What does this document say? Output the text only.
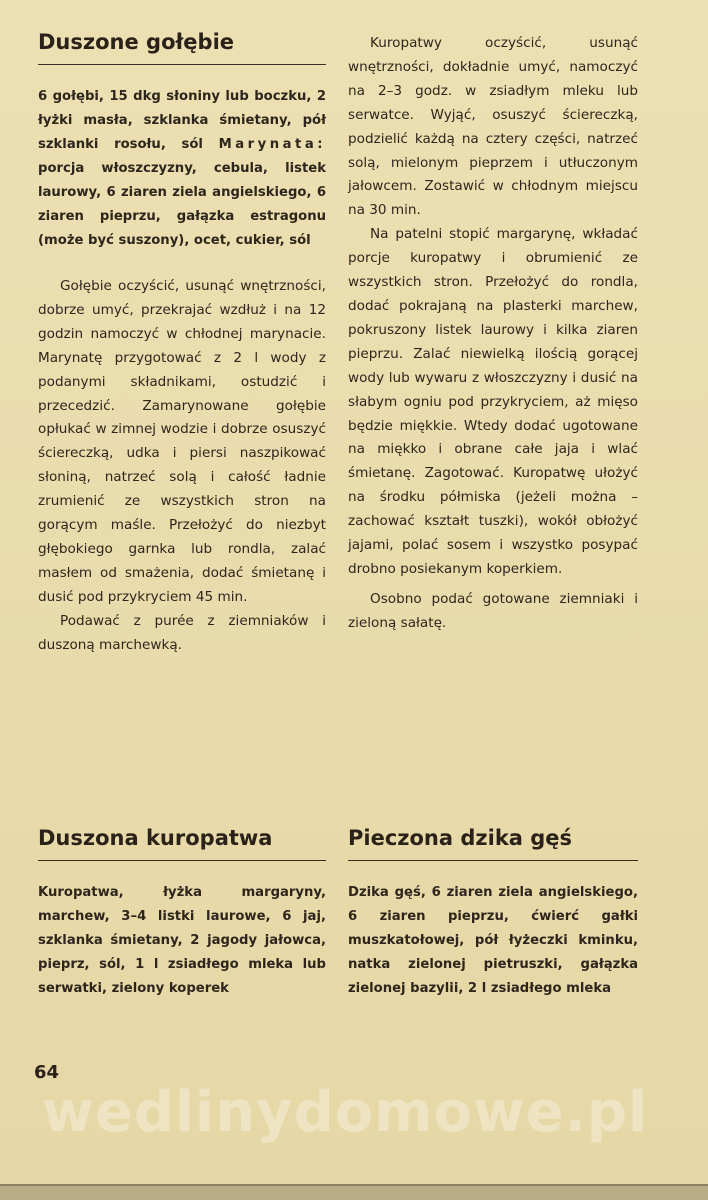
Duszone gołębie

6 gołębi, 15 dkg słoniny lub boczku, 2 łyżki masła, szklanka śmietany, pół szklanki rosołu, sól Marynata: porcja włoszczyzny, cebula, listek laurowy, 6 ziaren ziela angielskiego, 6 ziaren pieprzu, gałązka estragonu (może być suszony), ocet, cukier, sól

Gołębie oczyścić, usunąć wnętrzności, dobrze umyć, przekrajać wzdłuż i na 12 godzin namoczyć w chłodnej marynacie. Marynatę przygotować z 2 l wody z podanymi składnikami, ostudzić i przecedzić. Zamarynowane gołębie opłukać w zimnej wodzie i dobrze osuszyć ściereczką, udka i piersi naszpikować słoniną, natrzeć solą i całość ładnie zrumienić ze wszystkich stron na gorącym maśle. Przełożyć do niezbyt głębokiego garnka lub rondla, zalać masłem od smażenia, dodać śmietanę i dusić pod przykryciem 45 min.

Podawać z purée z ziemniaków i duszoną marchewką.

Kuropatwy oczyścić, usunąć wnętrzności, dokładnie umyć, namoczyć na 2–3 godz. w zsiadłym mleku lub serwatce. Wyjąć, osuszyć ściereczką, podzielić każdą na cztery części, natrzeć solą, mielonym pieprzem i utłuczonym jałowcem. Zostawić w chłodnym miejscu na 30 min.

Na patelni stopić margarynę, wkładać porcje kuropatwy i obrumienić ze wszystkich stron. Przełożyć do rondla, dodać pokrajaną na plasterki marchew, pokruszony listek laurowy i kilka ziaren pieprzu. Zalać niewielką ilością gorącej wody lub wywaru z włoszczyzny i dusić na słabym ogniu pod przykryciem, aż mięso będzie miękkie. Wtedy dodać ugotowane na miękko i obrane całe jaja i wlać śmietanę. Zagotować. Kuropatwę ułożyć na środku półmiska (jeżeli można – zachować kształt tuszki), wokół obłożyć jajami, polać sosem i wszystko posypać drobno posiekanym koperkiem.

Osobno podać gotowane ziemniaki i zieloną sałatę.

Duszona kuropatwa

Kuropatwa, łyżka margaryny, marchew, 3–4 listki laurowe, 6 jaj, szklanka śmietany, 2 jagody jałowca, pieprz, sól, 1 l zsiadłego mleka lub serwatki, zielony koperek

Pieczona dzika gęś

Dzika gęś, 6 ziaren ziela angielskiego, 6 ziaren pieprzu, ćwierć gałki muszkatołowej, pół łyżeczki kminku, natka zielonej pietruszki, gałązka zielonej bazylii, 2 l zsiadłego mleka

64
wedlinydomowe.pl
